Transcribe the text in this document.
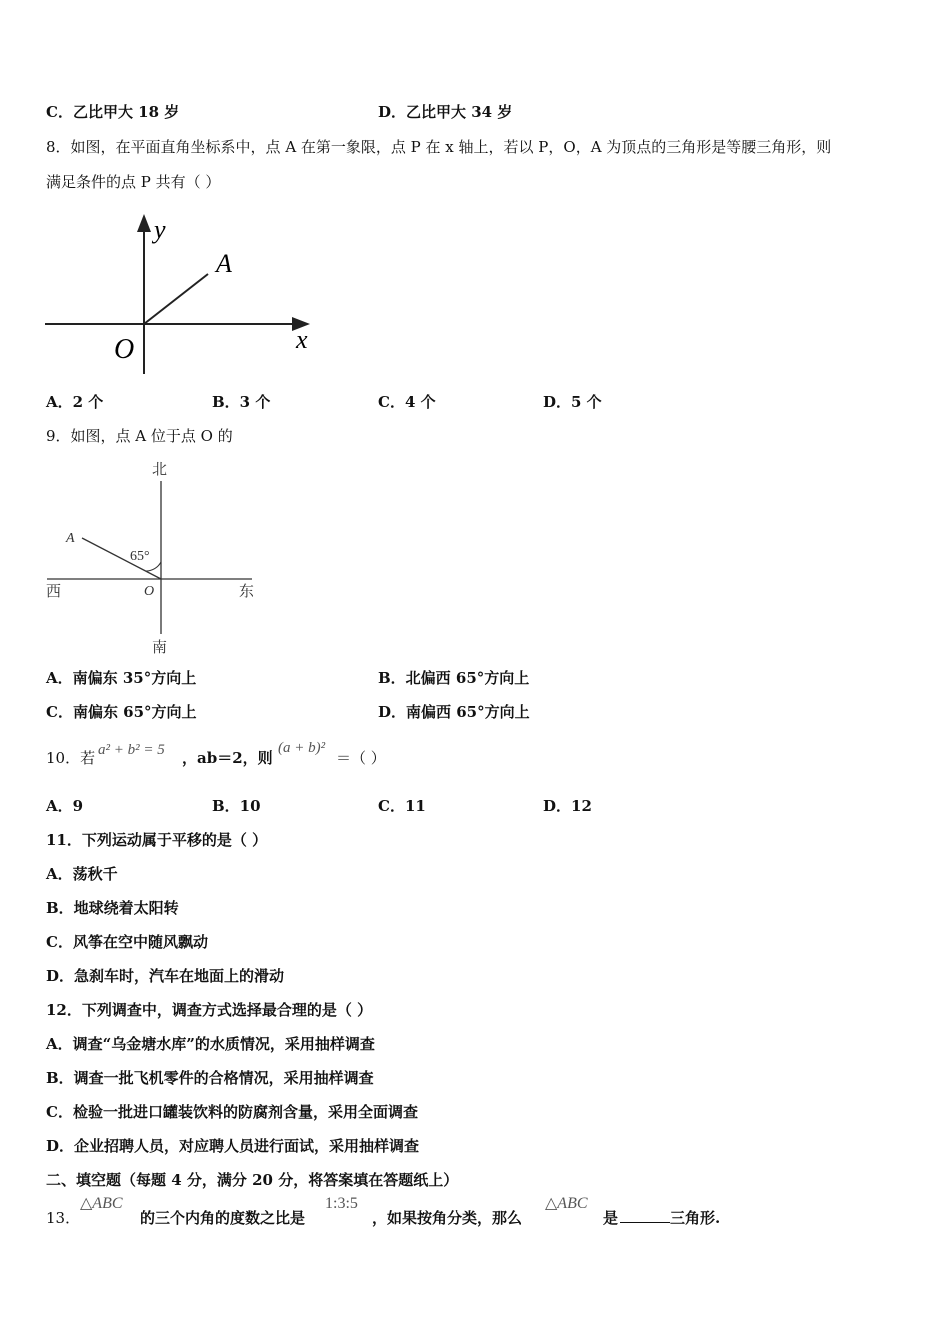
C．乙比甲大 18 岁	D．乙比甲大 34 岁
8．如图，在平面直角坐标系中，点 A 在第一象限，点 P 在 x 轴上，若以 P，O，A 为顶点的三角形是等腰三角形，则
满足条件的点 P 共有（ ）
y
A
O	x
A．2 个	B．3 个	C．4 个	D．5 个
9．如图，点 A 位于点 O 的
北
南
西	东
A
O
65°
A．南偏东 35°方向上	B．北偏西 65°方向上
C．南偏东 65°方向上	D．南偏西 65°方向上
10．若 a² + b² = 5 ，ab＝2，则
(a + b)²
＝（ ）
A．9	B．10	C．11	D．12
11．下列运动属于平移的是（ ）
A．荡秋千
B．地球绕着太阳转
C．风筝在空中随风飘动
D．急刹车时，汽车在地面上的滑动
12．下列调查中，调查方式选择最合理的是（ ）
A．调查“乌金塘水库”的水质情况，采用抽样调查
B．调查一批飞机零件的合格情况，采用抽样调查
C．检验一批进口罐装饮料的防腐剂含量，采用全面调查
D．企业招聘人员，对应聘人员进行面试，采用抽样调查
二、填空题（每题 4 分，满分 20 分，将答案填在答题纸上）
13．
△ABC
的三个内角的度数之比是
1:3:5
，如果按角分类，那么
△ABC
是	三角形.
